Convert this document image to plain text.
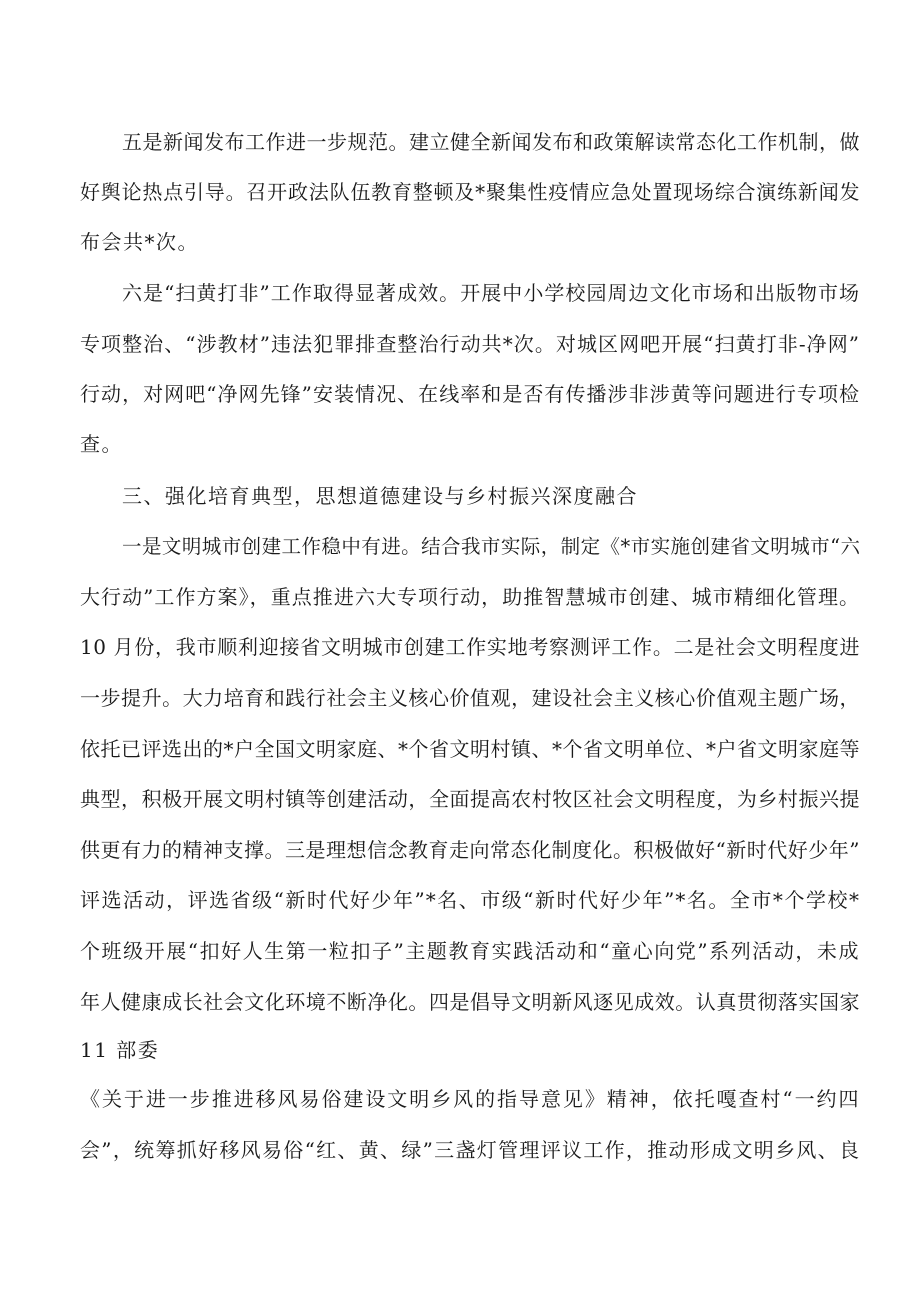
五是新闻发布工作进一步规范。建立健全新闻发布和政策解读常态化工作机制，做
好舆论热点引导。召开政法队伍教育整顿及*聚集性疫情应急处置现场综合演练新闻发
布会共*次。
六是“扫黄打非”工作取得显著成效。开展中小学校园周边文化市场和出版物市场
专项整治、“涉教材”违法犯罪排查整治行动共*次。对城区网吧开展“扫黄打非-净网”
行动，对网吧“净网先锋”安装情况、在线率和是否有传播涉非涉黄等问题进行专项检
查。
三、强化培育典型，思想道德建设与乡村振兴深度融合
一是文明城市创建工作稳中有进。结合我市实际，制定《*市实施创建省文明城市“六
大行动”工作方案》，重点推进六大专项行动，助推智慧城市创建、城市精细化管理。
10 月份，我市顺利迎接省文明城市创建工作实地考察测评工作。二是社会文明程度进
一步提升。大力培育和践行社会主义核心价值观，建设社会主义核心价值观主题广场，
依托已评选出的*户全国文明家庭、*个省文明村镇、*个省文明单位、*户省文明家庭等
典型，积极开展文明村镇等创建活动，全面提高农村牧区社会文明程度，为乡村振兴提
供更有力的精神支撑。三是理想信念教育走向常态化制度化。积极做好“新时代好少年”
评选活动，评选省级“新时代好少年”*名、市级“新时代好少年”*名。全市*个学校*
个班级开展“扣好人生第一粒扣子”主题教育实践活动和“童心向党”系列活动，未成
年人健康成长社会文化环境不断净化。四是倡导文明新风逐见成效。认真贯彻落实国家
11 部委
《关于进一步推进移风易俗建设文明乡风的指导意见》精神，依托嘎查村“一约四
会”，统筹抓好移风易俗“红、黄、绿”三盏灯管理评议工作，推动形成文明乡风、良
